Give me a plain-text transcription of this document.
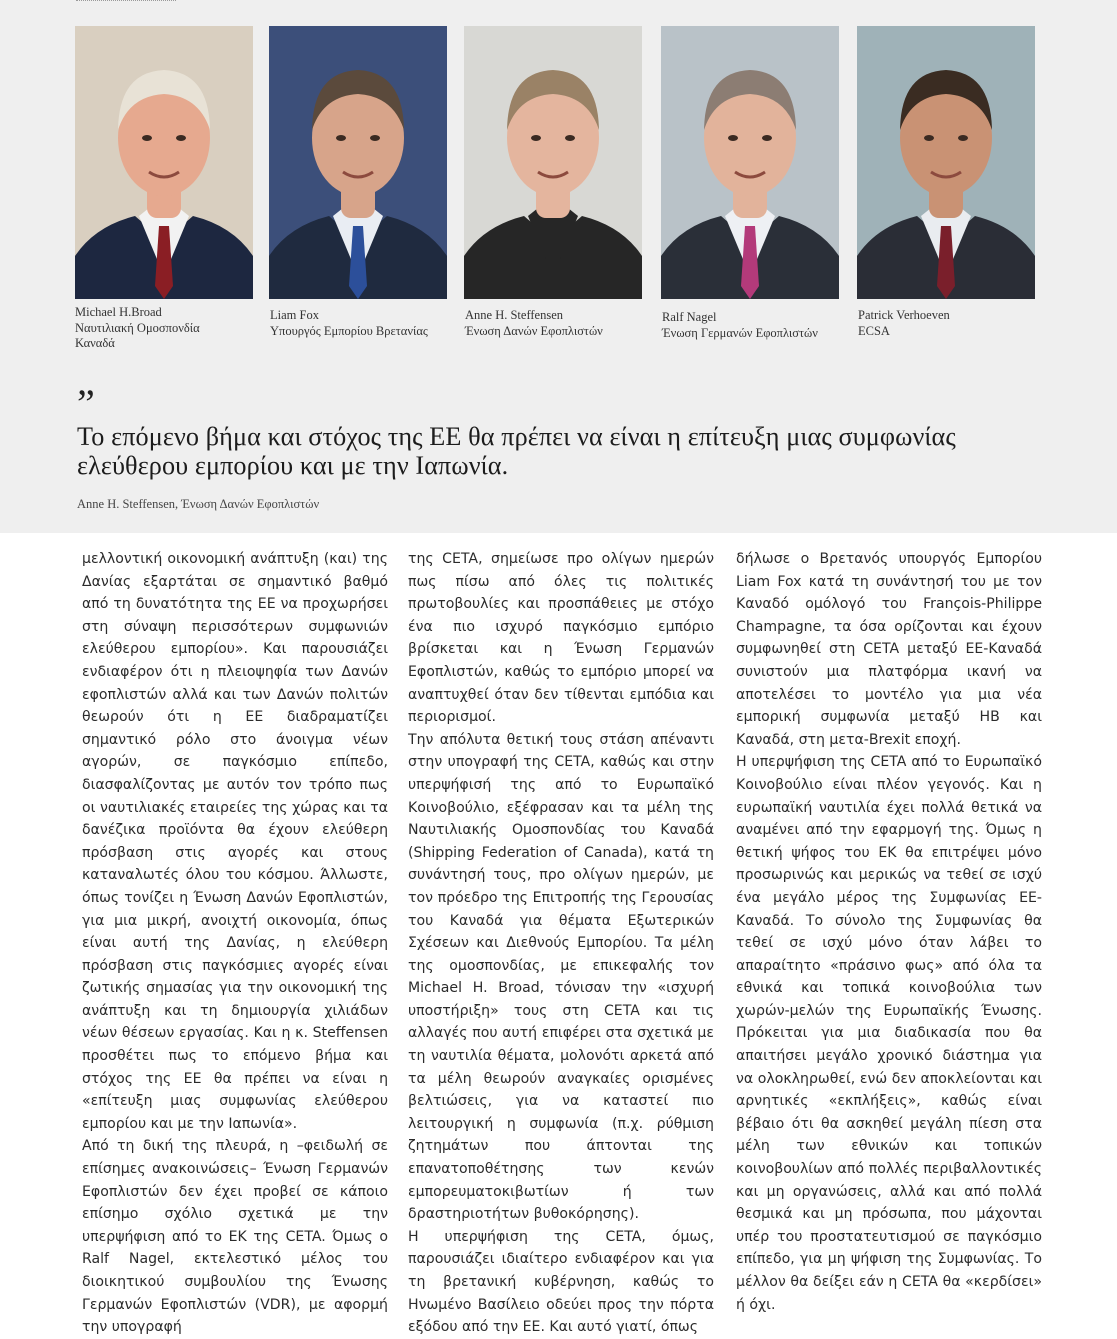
Michael H.Broad
Ναυτιλιακή Ομοσπονδία
Καναδά
Liam Fox
Υπουργός Εμπορίου Βρετανίας
Anne H. Steffensen
Ένωση Δανών Εφοπλιστών
Ralf Nagel
Ένωση Γερμανών Εφοπλιστών
Patrick Verhoeven
ECSA
”
Το επόμενο βήμα και στόχος της ΕΕ θα πρέπει να είναι η επίτευξη μιας συμφωνίας ελεύθερου εμπορίου και με την Ιαπωνία.
Anne H. Steffensen, Ένωση Δανών Εφοπλιστών

μελλοντική οικονομική ανάπτυξη (και) της Δανίας εξαρτάται σε σημαντικό βαθμό από τη δυνατότητα της ΕΕ να προχωρήσει στη σύναψη περισσότερων συμφωνιών ελεύθερου εμπορίου». Και παρουσιάζει ενδιαφέρον ότι η πλειοψηφία των Δανών εφοπλιστών αλλά και των Δανών πολιτών θεωρούν ότι η ΕΕ διαδραματίζει σημαντικό ρόλο στο άνοιγμα νέων αγορών, σε παγκόσμιο επίπεδο, διασφαλίζοντας με αυτόν τον τρόπο πως οι ναυτιλιακές εταιρείες της χώρας και τα δανέζικα προϊόντα θα έχουν ελεύθερη πρόσβαση στις αγορές και στους καταναλωτές όλου του κόσμου. Άλλωστε, όπως τονίζει η Ένωση Δανών Εφοπλιστών, για μια μικρή, ανοιχτή οικονομία, όπως είναι αυτή της Δανίας, η ελεύθερη πρόσβαση στις παγκόσμιες αγορές είναι ζωτικής σημασίας για την οικονομική της ανάπτυξη και τη δημιουργία χιλιάδων νέων θέσεων εργασίας. Και η κ. Steffensen προσθέτει πως το επόμενο βήμα και στόχος της ΕΕ θα πρέπει να είναι η «επίτευξη μιας συμφωνίας ελεύθερου εμπορίου και με την Ιαπωνία».

Από τη δική της πλευρά, η –φειδωλή σε επίσημες ανακοινώσεις– Ένωση Γερμανών Εφοπλιστών δεν έχει προβεί σε κάποιο επίσημο σχόλιο σχετικά με την υπερψήφιση από το ΕΚ της CETA. Όμως ο Ralf Nagel, εκτελεστικό μέλος του διοικητικού συμβουλίου της Ένωσης Γερμανών Εφοπλιστών (VDR), με αφορμή την υπογραφή

της CETA, σημείωσε προ ολίγων ημερών πως πίσω από όλες τις πολιτικές πρωτοβουλίες και προσπάθειες με στόχο ένα πιο ισχυρό παγκόσμιο εμπόριο βρίσκεται και η Ένωση Γερμανών Εφοπλιστών, καθώς το εμπόριο μπορεί να αναπτυχθεί όταν δεν τίθενται εμπόδια και περιορισμοί.

Την απόλυτα θετική τους στάση απέναντι στην υπογραφή της CETA, καθώς και στην υπερψήφισή της από το Ευρωπαϊκό Κοινοβούλιο, εξέφρασαν και τα μέλη της Ναυτιλιακής Ομοσπονδίας του Καναδά (Shipping Federation of Canada), κατά τη συνάντησή τους, προ ολίγων ημερών, με τον πρόεδρο της Επιτροπής της Γερουσίας του Καναδά για θέματα Εξωτερικών Σχέσεων και Διεθνούς Εμπορίου. Τα μέλη της ομοσπονδίας, με επικεφαλής τον Michael H. Broad, τόνισαν την «ισχυρή υποστήριξη» τους στη CETA και τις αλλαγές που αυτή επιφέρει στα σχετικά με τη ναυτιλία θέματα, μολονότι αρκετά από τα μέλη θεωρούν αναγκαίες ορισμένες βελτιώσεις, για να καταστεί πιο λειτουργική η συμφωνία (π.χ. ρύθμιση ζητημάτων που άπτονται της επανατοποθέτησης των κενών εμπορευματοκιβωτίων ή των δραστηριοτήτων βυθοκόρησης).

Η υπερψήφιση της CETA, όμως, παρουσιάζει ιδιαίτερο ενδιαφέρον και για τη βρετανική κυβέρνηση, καθώς το Ηνωμένο Βασίλειο οδεύει προς την πόρτα εξόδου από την ΕΕ. Και αυτό γιατί, όπως

δήλωσε ο Βρετανός υπουργός Εμπορίου Liam Fox κατά τη συνάντησή του με τον Καναδό ομόλογό του François-Philippe Champagne, τα όσα ορίζονται και έχουν συμφωνηθεί στη CETA μεταξύ ΕΕ-Καναδά συνιστούν μια πλατφόρμα ικανή να αποτελέσει το μοντέλο για μια νέα εμπορική συμφωνία μεταξύ ΗΒ και Καναδά, στη μετα-Brexit εποχή.

Η υπερψήφιση της CETA από το Ευρωπαϊκό Κοινοβούλιο είναι πλέον γεγονός. Και η ευρωπαϊκή ναυτιλία έχει πολλά θετικά να αναμένει από την εφαρμογή της. Όμως η θετική ψήφος του ΕΚ θα επιτρέψει μόνο προσωρινώς και μερικώς να τεθεί σε ισχύ ένα μεγάλο μέρος της Συμφωνίας ΕΕ-Καναδά. Το σύνολο της Συμφωνίας θα τεθεί σε ισχύ μόνο όταν λάβει το απαραίτητο «πράσινο φως» από όλα τα εθνικά και τοπικά κοινοβούλια των χωρών-μελών της Ευρωπαϊκής Ένωσης. Πρόκειται για μια διαδικασία που θα απαιτήσει μεγάλο χρονικό διάστημα για να ολοκληρωθεί, ενώ δεν αποκλείονται και αρνητικές «εκπλήξεις», καθώς είναι βέβαιο ότι θα ασκηθεί μεγάλη πίεση στα μέλη των εθνικών και τοπικών κοινοβουλίων από πολλές περιβαλλοντικές και μη οργανώσεις, αλλά και από πολλά θεσμικά και μη πρόσωπα, που μάχονται υπέρ του προστατευτισμού σε παγκόσμιο επίπεδο, για μη ψήφιση της Συμφωνίας. Το μέλλον θα δείξει εάν η CETA θα «κερδίσει» ή όχι.
